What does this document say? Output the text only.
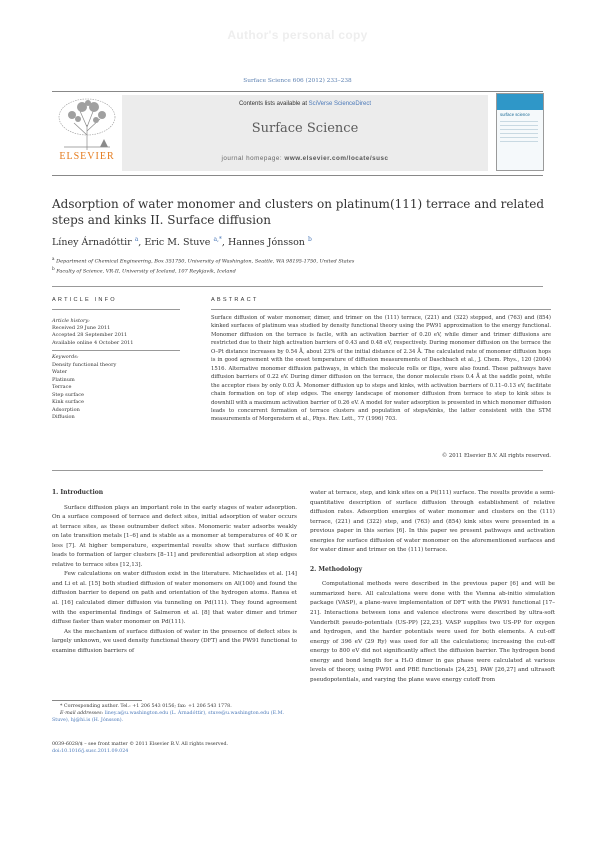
Author's personal copy
Surface Science 606 (2012) 233–238
ELSEVIER
Contents lists available at SciVerse ScienceDirect
Surface Science
journal homepage: www.elsevier.com/locate/susc
surface science
Adsorption of water monomer and clusters on platinum(111) terrace and related steps and kinks II. Surface diffusion
Líney Árnadóttir $^a$, Eric M. Stuve $^{a,*}$, Hannes Jónsson $^b$
$^a$ Department of Chemical Engineering, Box 351750, University of Washington, Seattle, WA 98195-1750, United States
$^b$ Faculty of Science, VR-II, University of Iceland, 107 Reykjavík, Iceland
ARTICLE INFO
Article history:
Received 29 June 2011
Accepted 28 September 2011
Available online 4 October 2011
Keywords:
Density functional theory
Water
Platinum
Terrace
Step surface
Kink surface
Adsorption
Diffusion
ABSTRACT
Surface diffusion of water monomer, dimer, and trimer on the (111) terrace, (221) and (322) stepped, and (763) and (854) kinked surfaces of platinum was studied by density functional theory using the PW91 approximation to the energy functional. Monomer diffusion on the terrace is facile, with an activation barrier of 0.20 eV, while dimer and trimer diffusions are restricted due to their high activation barriers of 0.43 and 0.48 eV, respectively. During monomer diffusion on the terrace the O–Pt distance increases by 0.54 Å, about 23% of the initial distance of 2.34 Å. The calculated rate of monomer diffusion hops is in good agreement with the onset temperature of diffusion measurements of Daschbach et al., J. Chem. Phys., 120 (2004) 1516. Alternative monomer diffusion pathways, in which the molecule rolls or flips, were also found. These pathways have diffusion barriers of 0.22 eV. During dimer diffusion on the terrace, the donor molecule rises 0.4 Å at the saddle point, while the acceptor rises by only 0.03 Å. Monomer diffusion up to steps and kinks, with activation barriers of 0.11–0.13 eV, facilitate chain formation on top of step edges. The energy landscape of monomer diffusion from terrace to step to kink sites is downhill with a maximum activation barrier of 0.26 eV. A model for water adsorption is presented in which monomer diffusion leads to concurrent formation of terrace clusters and population of steps/kinks, the latter consistent with the STM measurements of Morgenstern et al., Phys. Rev. Lett., 77 (1996) 703.
© 2011 Elsevier B.V. All rights reserved.

1. Introduction

Surface diffusion plays an important role in the early stages of water adsorption. On a surface composed of terrace and defect sites, initial adsorption of water occurs at terrace sites, as these outnumber defect sites. Monomeric water adsorbs weakly on late transition metals [1–6] and is stable as a monomer at temperatures of 40 K or less [7]. At higher temperature, experimental results show that surface diffusion leads to formation of larger clusters [8–11] and preferential adsorption at step edges relative to terrace sites [12,13].

Few calculations on water diffusion exist in the literature. Michaelides et al. [14] and Li et al. [15] both studied diffusion of water monomers on Al(100) and found the diffusion barrier to depend on path and orientation of the hydrogen atoms. Ranea et al. [16] calculated dimer diffusion via tunneling on Pd(111). They found agreement with the experimental findings of Salmeron et al. [8] that water dimer and trimer diffuse faster than water monomer on Pd(111).

As the mechanism of surface diffusion of water in the presence of defect sites is largely unknown, we used density functional theory (DFT) and the PW91 functional to examine diffusion barriers of

water at terrace, step, and kink sites on a Pt(111) surface. The results provide a semi-quantitative description of surface diffusion through establishment of relative diffusion rates. Adsorption energies of water monomer and clusters on the (111) terrace, (221) and (322) step, and (763) and (854) kink sites were presented in a previous paper in this series [6]. In this paper we present pathways and activation energies for surface diffusion of water monomer on the aforementioned surfaces and for water dimer and trimer on the (111) terrace.

2. Methodology

Computational methods were described in the previous paper [6] and will be summarized here. All calculations were done with the Vienna ab-initio simulation package (VASP), a plane-wave implementation of DFT with the PW91 functional [17–21]. Interactions between ions and valence electrons were described by ultra-soft Vanderbilt pseudo-potentials (US-PP) [22,23]. VASP supplies two US-PP for oxygen and hydrogen, and the harder potentials were used for both elements. A cut-off energy of 396 eV (29 Ry) was used for all the calculations; increasing the cut-off energy to 800 eV did not significantly affect the diffusion barrier. The hydrogen bond energy and bond length for a H₂O dimer in gas phase were calculated at various levels of theory, using PW91 and PBE functionals [24,25], PAW [26,27] and ultrasoft pseudopotentials, and varying the plane wave energy cutoff from

* Corresponding author. Tel.: +1 206 543 0156; fax: +1 206 543 1778.
E-mail addresses: liney.a@u.washington.edu (L. Árnadóttir), stuve@u.washington.edu (E.M. Stuve), hj@hi.is (H. Jónsson).
0039-6028/$ – see front matter © 2011 Elsevier B.V. All rights reserved.
doi:10.1016/j.susc.2011.09.024
